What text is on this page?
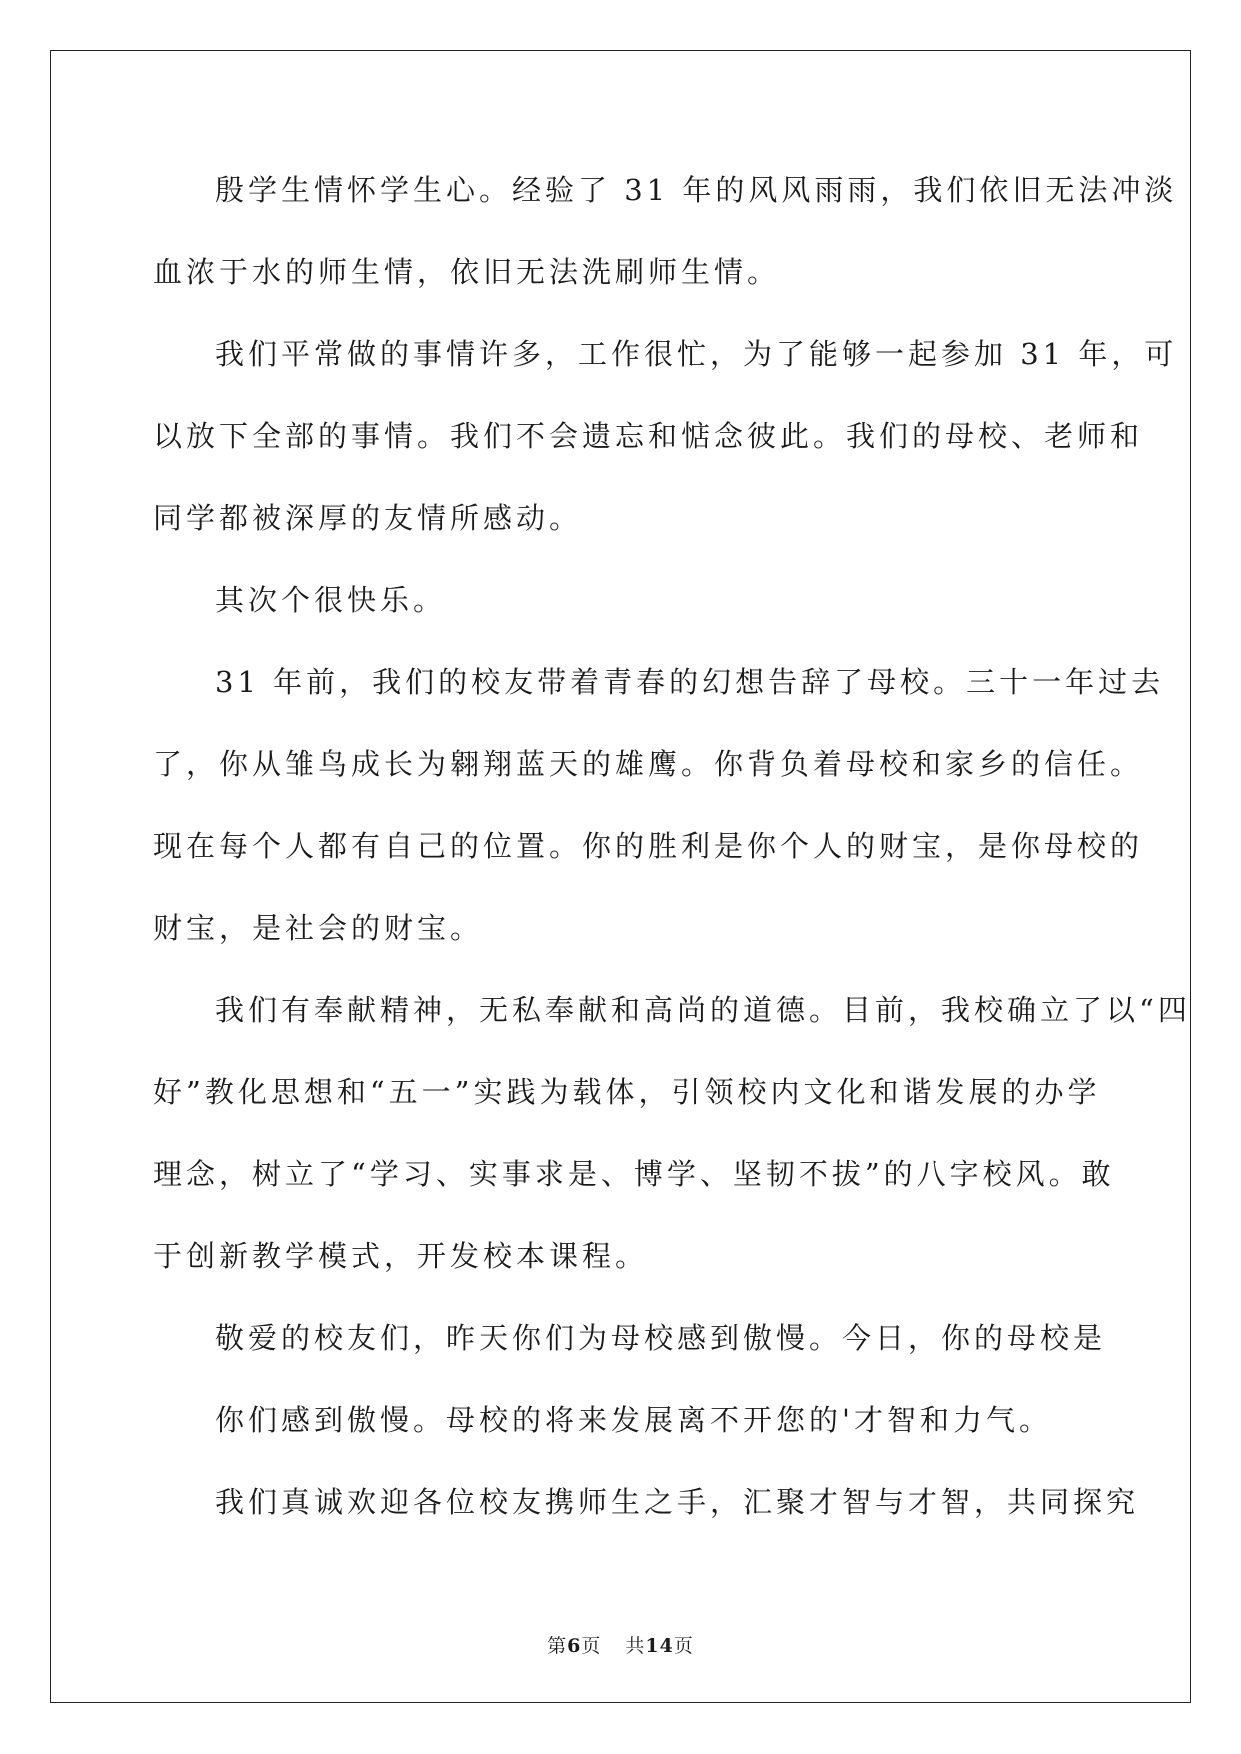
殷学生情怀学生心。经验了 31 年的风风雨雨，我们依旧无法冲淡
血浓于水的师生情，依旧无法洗刷师生情。
我们平常做的事情许多，工作很忙，为了能够一起参加 31 年，可
以放下全部的事情。我们不会遗忘和惦念彼此。我们的母校、老师和
同学都被深厚的友情所感动。
其次个很快乐。
31 年前，我们的校友带着青春的幻想告辞了母校。三十一年过去
了，你从雏鸟成长为翱翔蓝天的雄鹰。你背负着母校和家乡的信任。
现在每个人都有自己的位置。你的胜利是你个人的财宝，是你母校的
财宝，是社会的财宝。
我们有奉献精神，无私奉献和高尚的道德。目前，我校确立了以“四
好”教化思想和“五一”实践为载体，引领校内文化和谐发展的办学
理念，树立了“学习、实事求是、博学、坚韧不拔”的八字校风。敢
于创新教学模式，开发校本课程。
敬爱的校友们，昨天你们为母校感到傲慢。今日，你的母校是
你们感到傲慢。母校的将来发展离不开您的'才智和力气。
我们真诚欢迎各位校友携师生之手，汇聚才智与才智，共同探究
第6页 共14页
